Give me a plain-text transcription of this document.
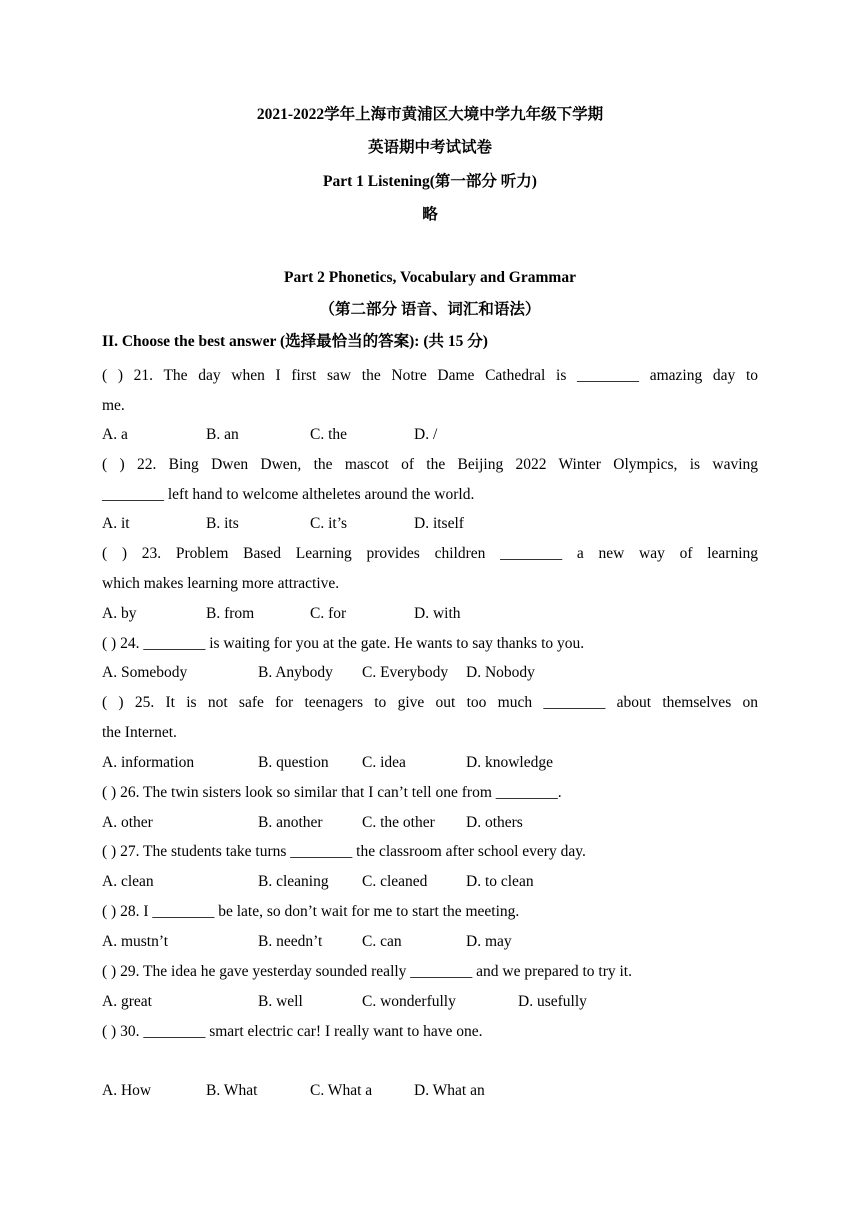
2021-2022学年上海市黄浦区大境中学九年级下学期
英语期中考试试卷
Part 1 Listening(第一部分 听力)
略
Part 2 Phonetics, Vocabulary and Grammar
（第二部分 语音、词汇和语法）
II. Choose the best answer (选择最恰当的答案): (共 15 分)
( ) 21. The day when I first saw the Notre Dame Cathedral is ________ amazing day to
me.
A. a	B. an	C. the	D. /
( ) 22. Bing Dwen Dwen, the mascot of the Beijing 2022 Winter Olympics, is waving
________ left hand to welcome altheletes around the world.
A. it	B. its	C. it’s	D. itself
( ) 23. Problem Based Learning provides children ________ a new way of learning
which makes learning more attractive.
A. by	B. from	C. for	D. with
( ) 24. ________ is waiting for you at the gate. He wants to say thanks to you.
A. Somebody	B. Anybody C. Everybody D. Nobody
( ) 25. It is not safe for teenagers to give out too much ________ about themselves on
the Internet.
A. information	B. question C. idea	D. knowledge
( ) 26. The twin sisters look so similar that I can’t tell one from ________.
A. other	B. another	C. the other D. others
( ) 27. The students take turns ________ the classroom after school every day.
A. clean	B. cleaning C. cleaned D. to clean
( ) 28. I ________ be late, so don’t wait for me to start the meeting.
A. mustn’t	B. needn’t	C. can	D. may
( ) 29. The idea he gave yesterday sounded really ________ and we prepared to try it.
A. great	B. well	C. wonderfully	D. usefully
( ) 30. ________ smart electric car! I really want to have one.
A. How	B. What	C. What a	D. What an
